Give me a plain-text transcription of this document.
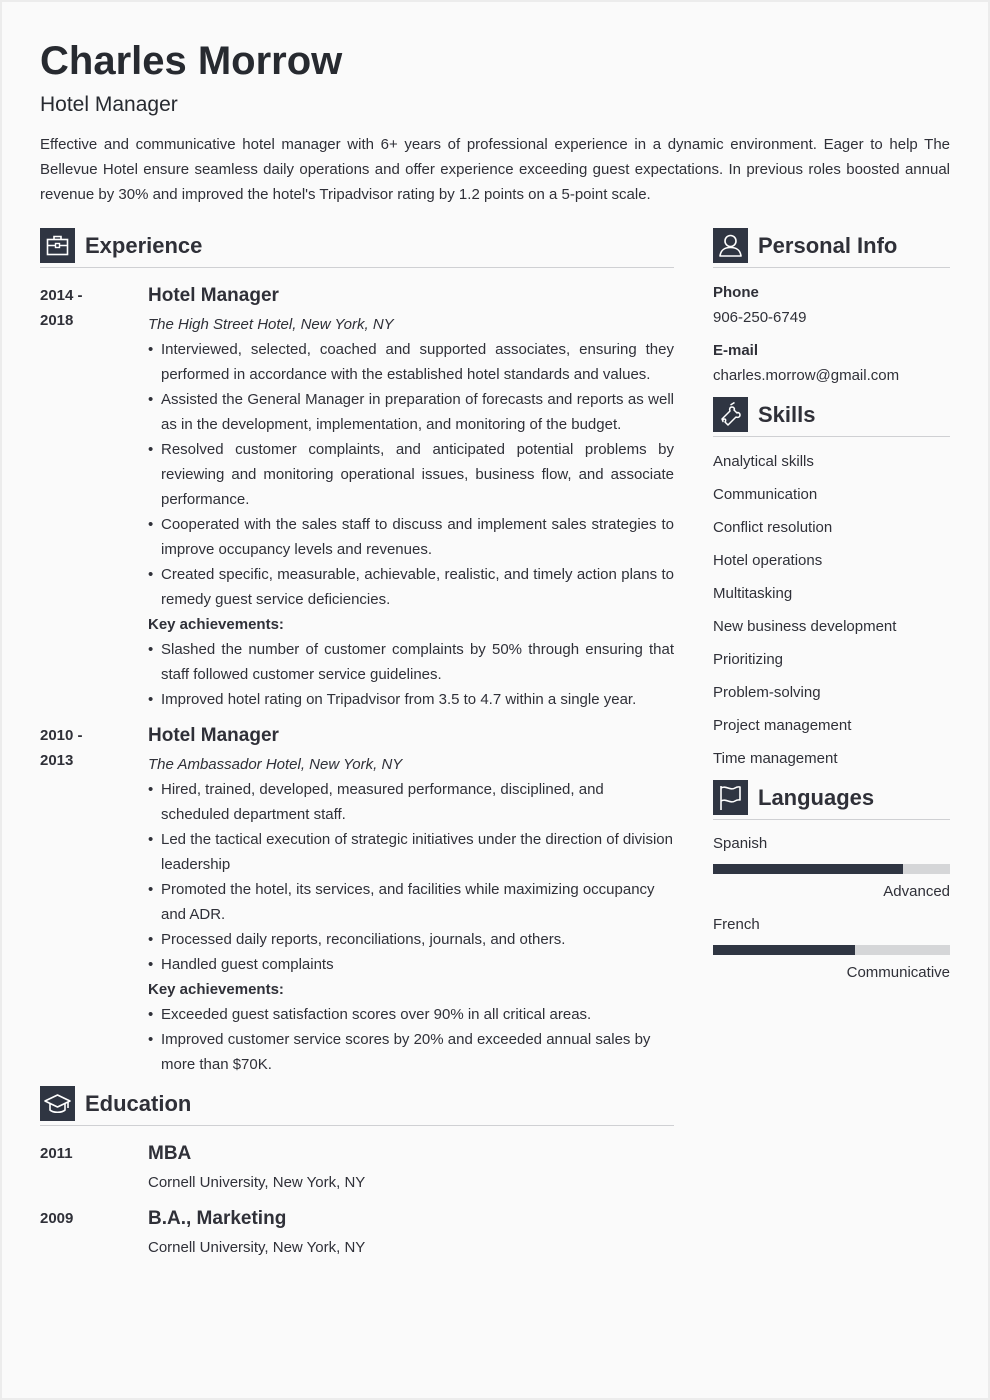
Charles Morrow
Hotel Manager

Effective and communicative hotel manager with 6+ years of professional experience in a dynamic environment. Eager to help The Bellevue Hotel ensure seamless daily operations and offer experience exceeding guest expectations. In previous roles boosted annual revenue by 30% and improved the hotel's Tripadvisor rating by 1.2 points on a 5-point scale.

Experience
2014 -
2018
Hotel Manager
The High Street Hotel, New York, NY
• Interviewed, selected, coached and supported associates, ensuring they performed in accordance with the established hotel standards and values.
• Assisted the General Manager in preparation of forecasts and reports as well as in the development, implementation, and monitoring of the budget.
• Resolved customer complaints, and anticipated potential problems by reviewing and monitoring operational issues, business flow, and associate performance.
• Cooperated with the sales staff to discuss and implement sales strategies to improve occupancy levels and revenues.
• Created specific, measurable, achievable, realistic, and timely action plans to remedy guest service deficiencies.
Key achievements:
• Slashed the number of customer complaints by 50% through ensuring that staff followed customer service guidelines.
• Improved hotel rating on Tripadvisor from 3.5 to 4.7 within a single year.
2010 -
2013
Hotel Manager
The Ambassador Hotel, New York, NY
• Hired, trained, developed, measured performance, disciplined, and scheduled department staff.
• Led the tactical execution of strategic initiatives under the direction of division leadership
• Promoted the hotel, its services, and facilities while maximizing occupancy and ADR.
• Processed daily reports, reconciliations, journals, and others.
• Handled guest complaints
Key achievements:
• Exceeded guest satisfaction scores over 90% in all critical areas.
• Improved customer service scores by 20% and exceeded annual sales by more than $70K.
Education
2011	MBA
Cornell University, New York, NY
2009	B.A., Marketing
Cornell University, New York, NY
Personal Info
Phone
906-250-6749
E-mail
charles.morrow@gmail.com
Skills
Analytical skills
Communication
Conflict resolution
Hotel operations
Multitasking
New business development
Prioritizing
Problem-solving
Project management
Time management
Languages
Spanish
Advanced
French
Communicative
